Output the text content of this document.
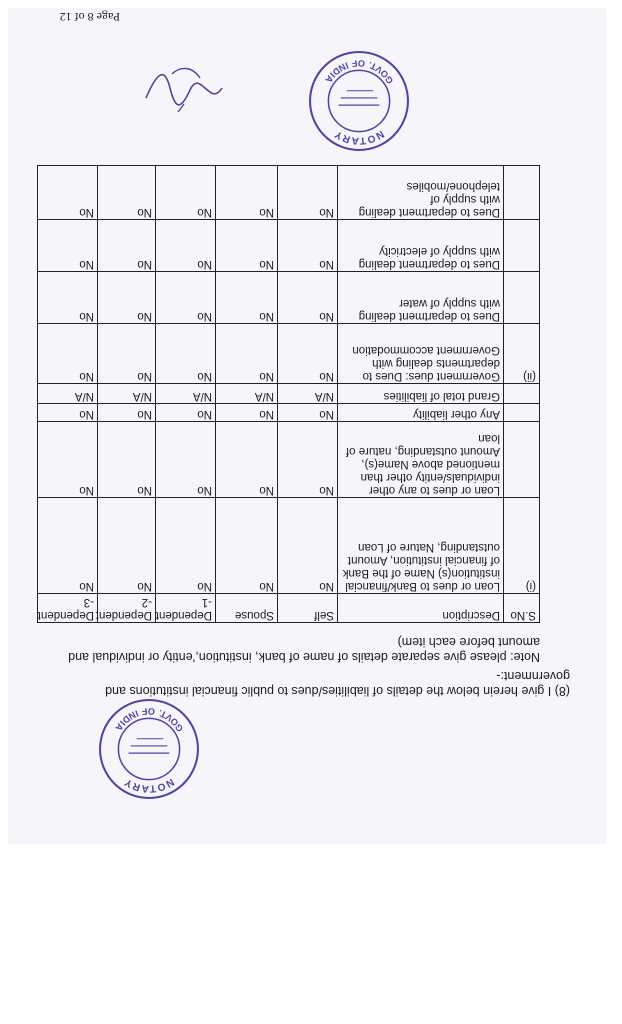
NOTARY
GOVT. OF INDIA
Page 8 of 12
(8) I give herein below the details of liabilities/dues to public financial institutions and government:-
Note: please give separate details of name of bank, institution,’entity or individual and amount before each item)
S.No	Description	Self	Spouse	Dependent -1	Dependent -2	Dependent -3
(i)	Loan or dues to Bank/financial institution(s) Name of the Bank of financial institution, Amount outstanding, Nature of Loan	No	No	No	No	No
	Loan or dues to any other individuals/entity other than mentioned above Name(s), Amount outstanding, nature of loan	No	No	No	No	No
	Any other liability	No	No	No	No	No
	Grand total of liabilities	N/A	N/A	N/A	N/A	N/A
(ii)	Government dues: Dues to departments dealing with Government accommodation	No	No	No	No	No
	Dues to department dealing with supply of water	No	No	No	No	No
	Dues to department dealing with supply of electricity	No	No	No	No	No
	Dues to department dealing with supply of telephone/mobiles	No	No	No	No	No
NOTARY
GOVT. OF INDIA
